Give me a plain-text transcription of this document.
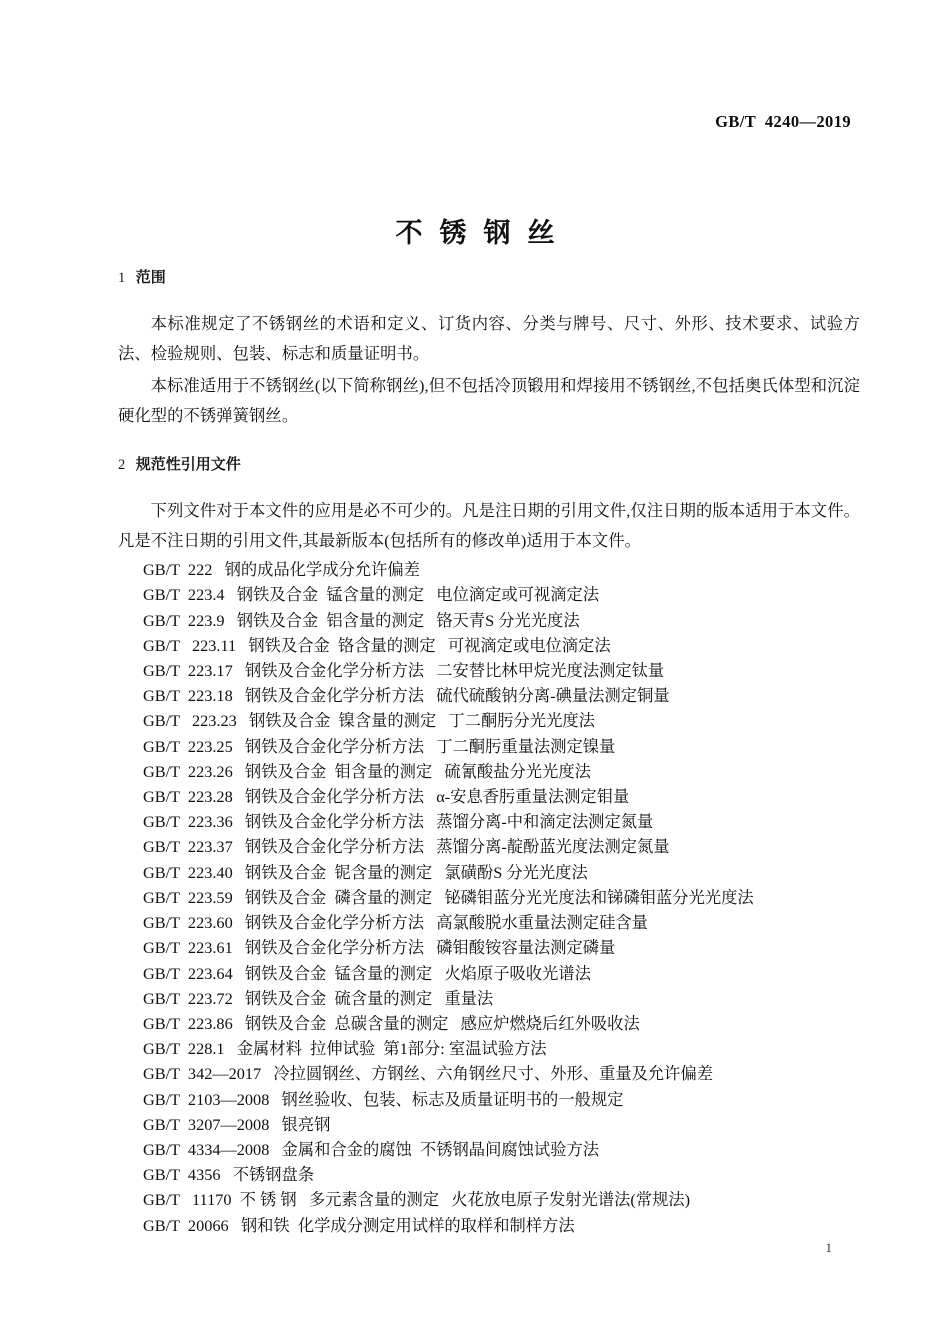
GB/T  4240—2019
不锈钢丝
1 范围

本标准规定了不锈钢丝的术语和定义、订货内容、分类与牌号、尺寸、外形、技术要求、试验方法、检验规则、包装、标志和质量证明书。

本标准适用于不锈钢丝(以下简称钢丝),但不包括冷顶锻用和焊接用不锈钢丝,不包括奥氏体型和沉淀硬化型的不锈弹簧钢丝。

2 规范性引用文件

下列文件对于本文件的应用是必不可少的。凡是注日期的引用文件,仅注日期的版本适用于本文件。凡是不注日期的引用文件,其最新版本(包括所有的修改单)适用于本文件。

GB/T  222   钢的成品化学成分允许偏差
GB/T  223.4   钢铁及合金  锰含量的测定   电位滴定或可视滴定法
GB/T  223.9   钢铁及合金  铝含量的测定   铬天青S 分光光度法
GB/T   223.11   钢铁及合金  铬含量的测定   可视滴定或电位滴定法
GB/T  223.17   钢铁及合金化学分析方法   二安替比林甲烷光度法测定钛量
GB/T  223.18   钢铁及合金化学分析方法   硫代硫酸钠分离-碘量法测定铜量
GB/T   223.23   钢铁及合金  镍含量的测定   丁二酮肟分光光度法
GB/T  223.25   钢铁及合金化学分析方法   丁二酮肟重量法测定镍量
GB/T  223.26   钢铁及合金  钼含量的测定   硫氰酸盐分光光度法
GB/T  223.28   钢铁及合金化学分析方法   α-安息香肟重量法测定钼量
GB/T  223.36   钢铁及合金化学分析方法   蒸馏分离-中和滴定法测定氮量
GB/T  223.37   钢铁及合金化学分析方法   蒸馏分离-靛酚蓝光度法测定氮量
GB/T  223.40   钢铁及合金  铌含量的测定   氯磺酚S 分光光度法
GB/T  223.59   钢铁及合金  磷含量的测定   铋磷钼蓝分光光度法和锑磷钼蓝分光光度法
GB/T  223.60   钢铁及合金化学分析方法   高氯酸脱水重量法测定硅含量
GB/T  223.61   钢铁及合金化学分析方法   磷钼酸铵容量法测定磷量
GB/T  223.64   钢铁及合金  锰含量的测定   火焰原子吸收光谱法
GB/T  223.72   钢铁及合金  硫含量的测定   重量法
GB/T  223.86   钢铁及合金  总碳含量的测定   感应炉燃烧后红外吸收法
GB/T  228.1   金属材料  拉伸试验  第1部分: 室温试验方法
GB/T  342—2017   冷拉圆钢丝、方钢丝、六角钢丝尺寸、外形、重量及允许偏差
GB/T  2103—2008   钢丝验收、包装、标志及质量证明书的一般规定
GB/T  3207—2008   银亮钢
GB/T  4334—2008   金属和合金的腐蚀  不锈钢晶间腐蚀试验方法
GB/T  4356   不锈钢盘条
GB/T   11170  不 锈 钢   多元素含量的测定   火花放电原子发射光谱法(常规法)
GB/T  20066   钢和铁  化学成分测定用试样的取样和制样方法
1
